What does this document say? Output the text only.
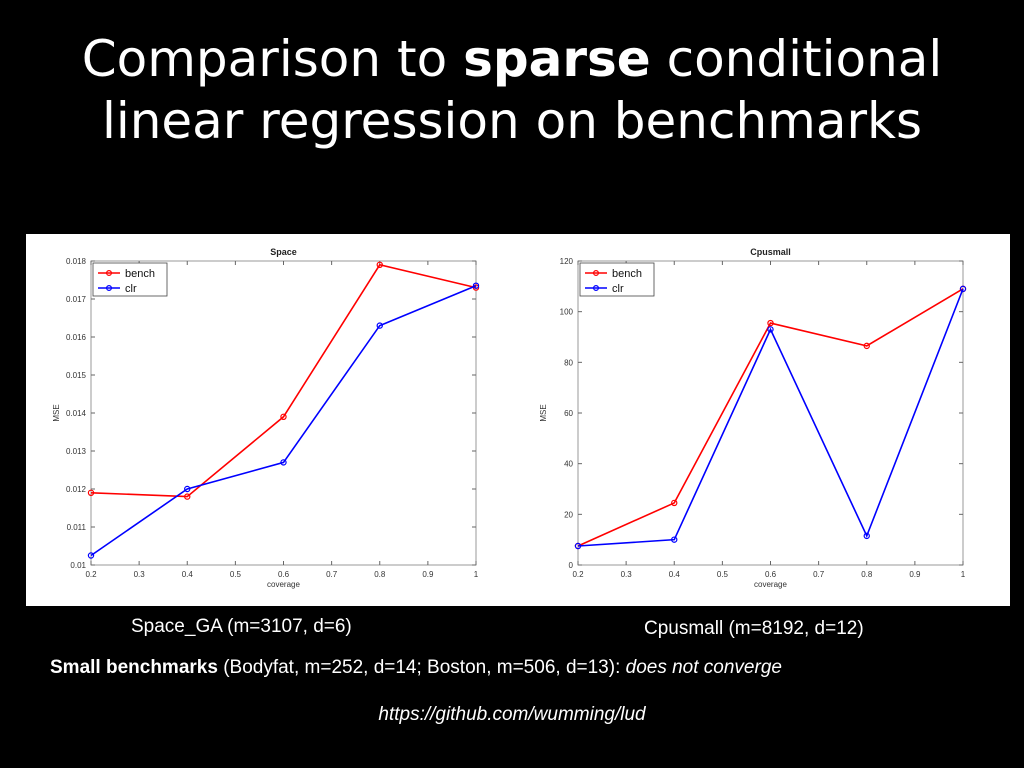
Comparison to sparse conditional
linear regression on benchmarks
0.2	0.3	0.4	0.5	0.6	0.7	0.8	0.9	1
0.01
0.011
0.012
0.013
0.014
0.015
0.016
0.017
0.018
Space
coverage
MSE
bench
clr
0.2	0.3	0.4	0.5	0.6	0.7	0.8	0.9	1
0
20
40
60
80
100
120
Cpusmall
coverage
MSE
bench
clr
Space_GA (m=3107, d=6)	Cpusmall (m=8192, d=12)
Small benchmarks (Bodyfat, m=252, d=14; Boston, m=506, d=13): does not converge
https://github.com/wumming/lud
